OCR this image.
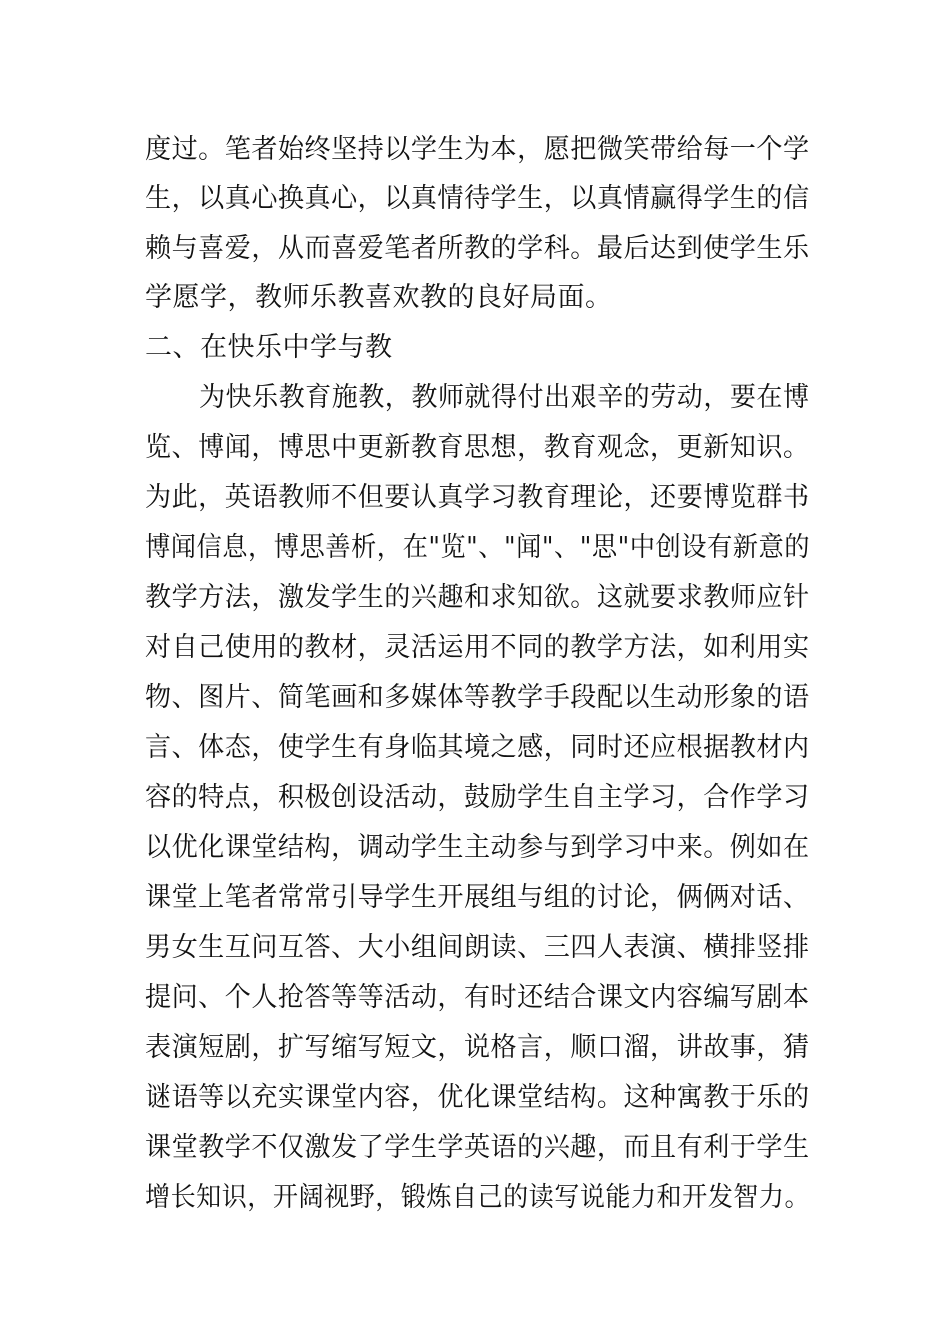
度过。笔者始终坚持以学生为本，愿把微笑带给每一个学
生，以真心换真心，以真情待学生，以真情赢得学生的信
赖与喜爱，从而喜爱笔者所教的学科。最后达到使学生乐
学愿学，教师乐教喜欢教的良好局面。
二、在快乐中学与教
为快乐教育施教，教师就得付出艰辛的劳动，要在博
览、博闻，博思中更新教育思想，教育观念，更新知识。
为此，英语教师不但要认真学习教育理论，还要博览群书
博闻信息，博思善析，在"览"、"闻"、"思"中创设有新意的
教学方法，激发学生的兴趣和求知欲。这就要求教师应针
对自己使用的教材，灵活运用不同的教学方法，如利用实
物、图片、简笔画和多媒体等教学手段配以生动形象的语
言、体态，使学生有身临其境之感，同时还应根据教材内
容的特点，积极创设活动，鼓励学生自主学习，合作学习
以优化课堂结构，调动学生主动参与到学习中来。例如在
课堂上笔者常常引导学生开展组与组的讨论，俩俩对话、
男女生互问互答、大小组间朗读、三四人表演、横排竖排
提问、个人抢答等等活动，有时还结合课文内容编写剧本
表演短剧，扩写缩写短文，说格言，顺口溜，讲故事，猜
谜语等以充实课堂内容，优化课堂结构。这种寓教于乐的
课堂教学不仅激发了学生学英语的兴趣，而且有利于学生
增长知识，开阔视野，锻炼自己的读写说能力和开发智力。
